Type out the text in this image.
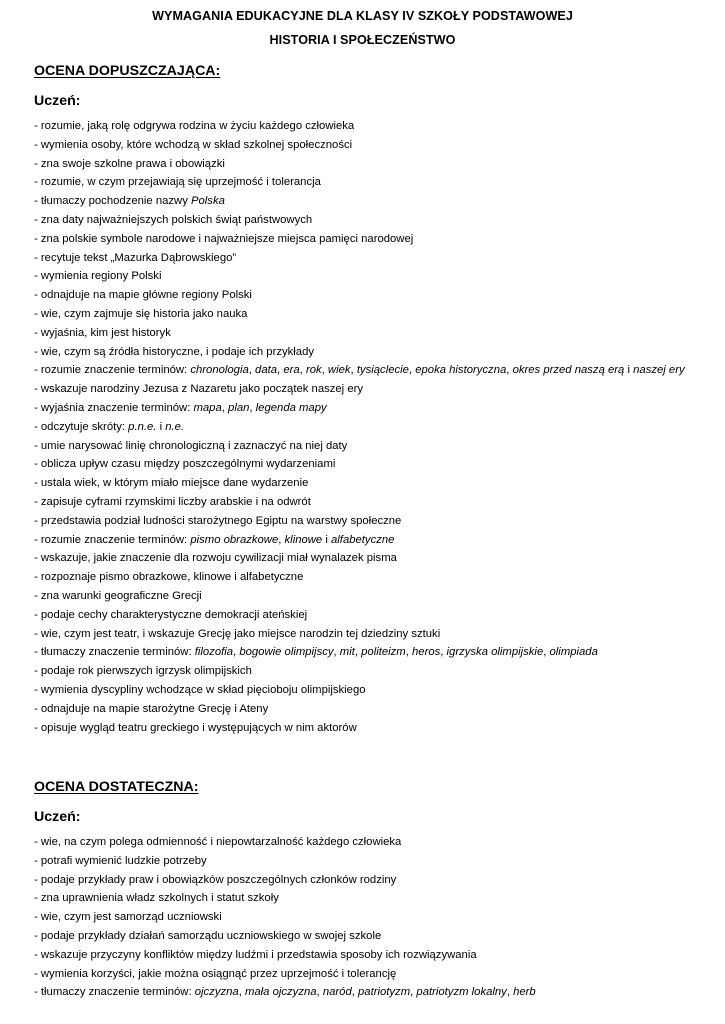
WYMAGANIA EDUKACYJNE DLA KLASY IV SZKOŁY PODSTAWOWEJ
HISTORIA I SPOŁECZEŃSTWO
OCENA DOPUSZCZAJĄCA:
Uczeń:
- rozumie, jaką rolę odgrywa rodzina w życiu każdego człowieka
- wymienia osoby, które wchodzą w skład szkolnej społeczności
- zna swoje szkolne prawa i obowiązki
- rozumie, w czym przejawiają się uprzejmość i tolerancja
- tłumaczy pochodzenie nazwy Polska
- zna daty najważniejszych polskich świąt państwowych
- zna polskie symbole narodowe i najważniejsze miejsca pamięci narodowej
- recytuje tekst „Mazurka Dąbrowskiego”
- wymienia regiony Polski
- odnajduje na mapie główne regiony Polski
- wie, czym zajmuje się historia jako nauka
- wyjaśnia, kim jest historyk
- wie, czym są źródła historyczne, i podaje ich przykłady
- rozumie znaczenie terminów: chronologia, data, era, rok, wiek, tysiąclecie, epoka historyczna, okres przed naszą erą i naszej ery
- wskazuje narodziny Jezusa z Nazaretu jako początek naszej ery
- wyjaśnia znaczenie terminów: mapa, plan, legenda mapy
- odczytuje skróty: p.n.e. i n.e.
- umie narysować linię chronologiczną i zaznaczyć na niej daty
- oblicza upływ czasu między poszczególnymi wydarzeniami
- ustala wiek, w którym miało miejsce dane wydarzenie
- zapisuje cyframi rzymskimi liczby arabskie i na odwrót
- przedstawia podział ludności starożytnego Egiptu na warstwy społeczne
- rozumie znaczenie terminów: pismo obrazkowe, klinowe i alfabetyczne
- wskazuje, jakie znaczenie dla rozwoju cywilizacji miał wynalazek pisma
- rozpoznaje pismo obrazkowe, klinowe i alfabetyczne
- zna warunki geograficzne Grecji
- podaje cechy charakterystyczne demokracji ateńskiej
- wie, czym jest teatr, i wskazuje Grecję jako miejsce narodzin tej dziedziny sztuki
- tłumaczy znaczenie terminów: filozofia, bogowie olimpijscy, mit, politeizm, heros, igrzyska olimpijskie, olimpiada
- podaje rok pierwszych igrzysk olimpijskich
- wymienia dyscypliny wchodzące w skład pięcioboju olimpijskiego
- odnajduje na mapie starożytne Grecję i Ateny
- opisuje wygląd teatru greckiego i występujących w nim aktorów
OCENA DOSTATECZNA:
Uczeń:
- wie, na czym polega odmienność i niepowtarzalność każdego człowieka
- potrafi wymienić ludzkie potrzeby
- podaje przykłady praw i obowiązków poszczególnych członków rodziny
- zna uprawnienia władz szkolnych i statut szkoły
- wie, czym jest samorząd uczniowski
- podaje przykłady działań samorządu uczniowskiego w swojej szkole
- wskazuje przyczyny konfliktów między ludźmi i przedstawia sposoby ich rozwiązywania
- wymienia korzyści, jakie można osiągnąć przez uprzejmość i tolerancję
- tłumaczy znaczenie terminów: ojczyzna, mała ojczyzna, naród, patriotyzm, patriotyzm lokalny, herb
